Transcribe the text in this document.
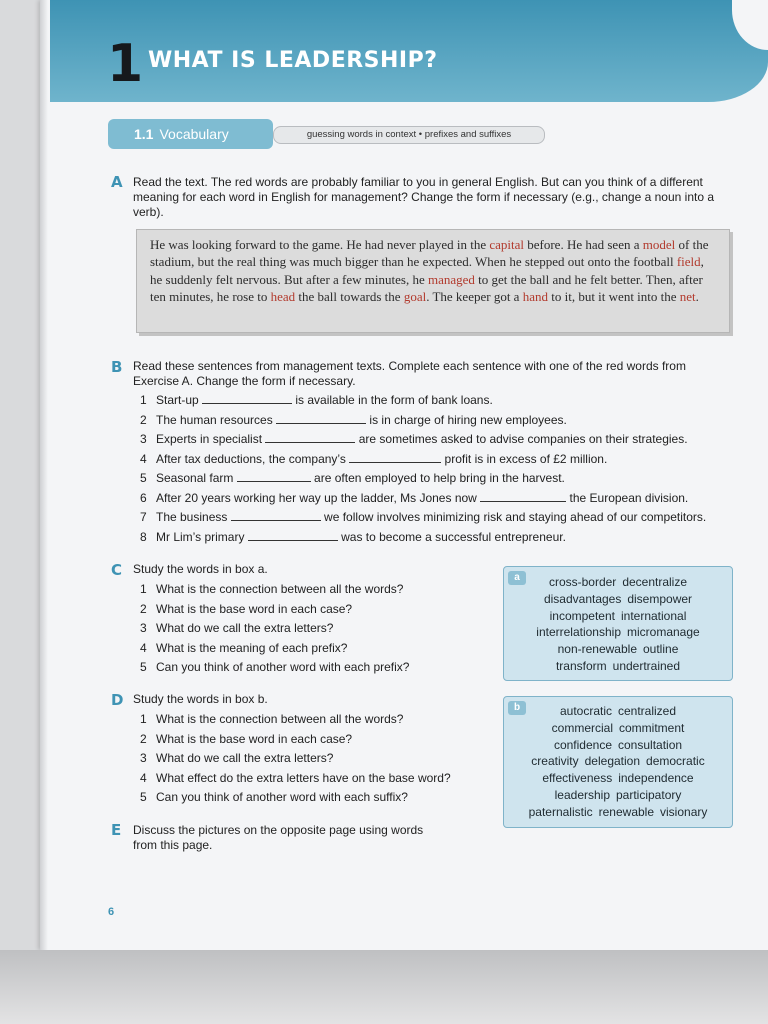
1 WHAT IS LEADERSHIP?
1.1 Vocabulary	guessing words in context • prefixes and suffixes
A Read the text. The red words are probably familiar to you in general English. But can you think of a different meaning for each word in English for management? Change the form if necessary (e.g., change a noun into a verb).
He was looking forward to the game. He had never played in the capital before. He had seen a model of the stadium, but the real thing was much bigger than he expected. When he stepped out onto the football field, he suddenly felt nervous. But after a few minutes, he managed to get the ball and he felt better. Then, after ten minutes, he rose to head the ball towards the goal. The keeper got a hand to it, but it went into the net.
B Read these sentences from management texts. Complete each sentence with one of the red words from Exercise A. Change the form if necessary.
1 Start-up	is available in the form of bank loans.
2 The human resources	is in charge of hiring new employees.
3 Experts in specialist	are sometimes asked to advise companies on their strategies.
4 After tax deductions, the company’s	profit is in excess of £2 million.
5 Seasonal farm	are often employed to help bring in the harvest.
6 After 20 years working her way up the ladder, Ms Jones now	the European division.
7 The business	we follow involves minimizing risk and staying ahead of our competitors.
8 Mr Lim’s primary	was to become a successful entrepreneur.
C Study the words in box a.
1 What is the connection between all the words?
2 What is the base word in each case?
3 What do we call the extra letters?
4 What is the meaning of each prefix?
5 Can you think of another word with each prefix?
D Study the words in box b.
1 What is the connection between all the words?
2 What is the base word in each case?
3 What do we call the extra letters?
4 What effect do the extra letters have on the base word?
5 Can you think of another word with each suffix?
E Discuss the pictures on the opposite page using words
from this page.
a	cross-border decentralize
disadvantages disempower
incompetent international
interrelationship micromanage
non-renewable outline
transform undertrained
b	autocratic centralized
commercial commitment
confidence consultation
creativity delegation democratic
effectiveness independence
leadership participatory
paternalistic renewable visionary
6
